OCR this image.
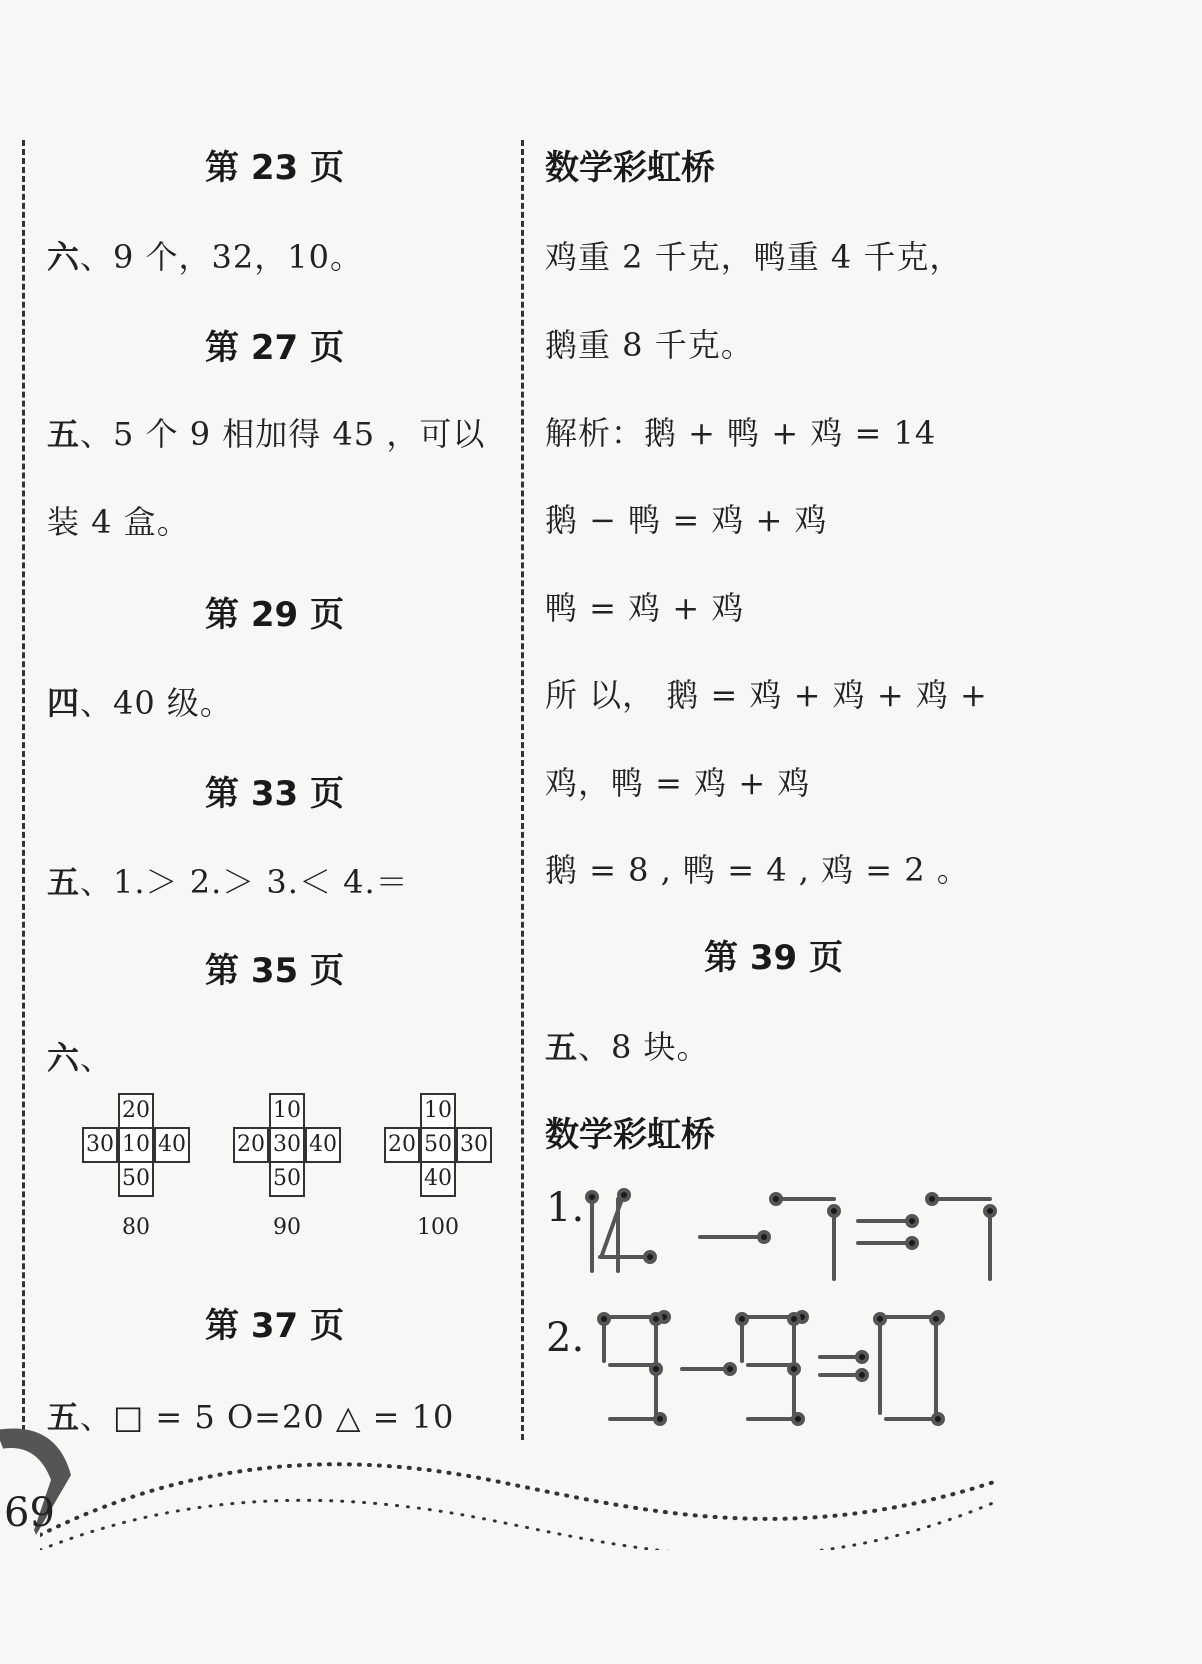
第 23 页
六、9 个，32，10。
第 27 页
五、5 个 9 相加得 45 ，可以
装 4 盒。
第 29 页
四、40 级。
第 33 页
五、1.＞ 2.＞ 3.＜ 4.＝
第 35 页
六、
20
30 10 40
50
80
10
20 30 40
50
90
10
20 50 30
40
100
第 37 页
五、□ = 5 O=20 △ = 10
数学彩虹桥
鸡重 2 千克，鸭重 4 千克，
鹅重 8 千克。
解析：鹅 + 鸭 + 鸡 = 14
鹅 − 鸭 = 鸡 + 鸡
鸭 = 鸡 + 鸡
所 以， 鹅 = 鸡 + 鸡 + 鸡 +
鸡，鸭 = 鸡 + 鸡
鹅 = 8 , 鸭 = 4 , 鸡 = 2 。
第 39 页
五、8 块。
数学彩虹桥
1.
2.
69
